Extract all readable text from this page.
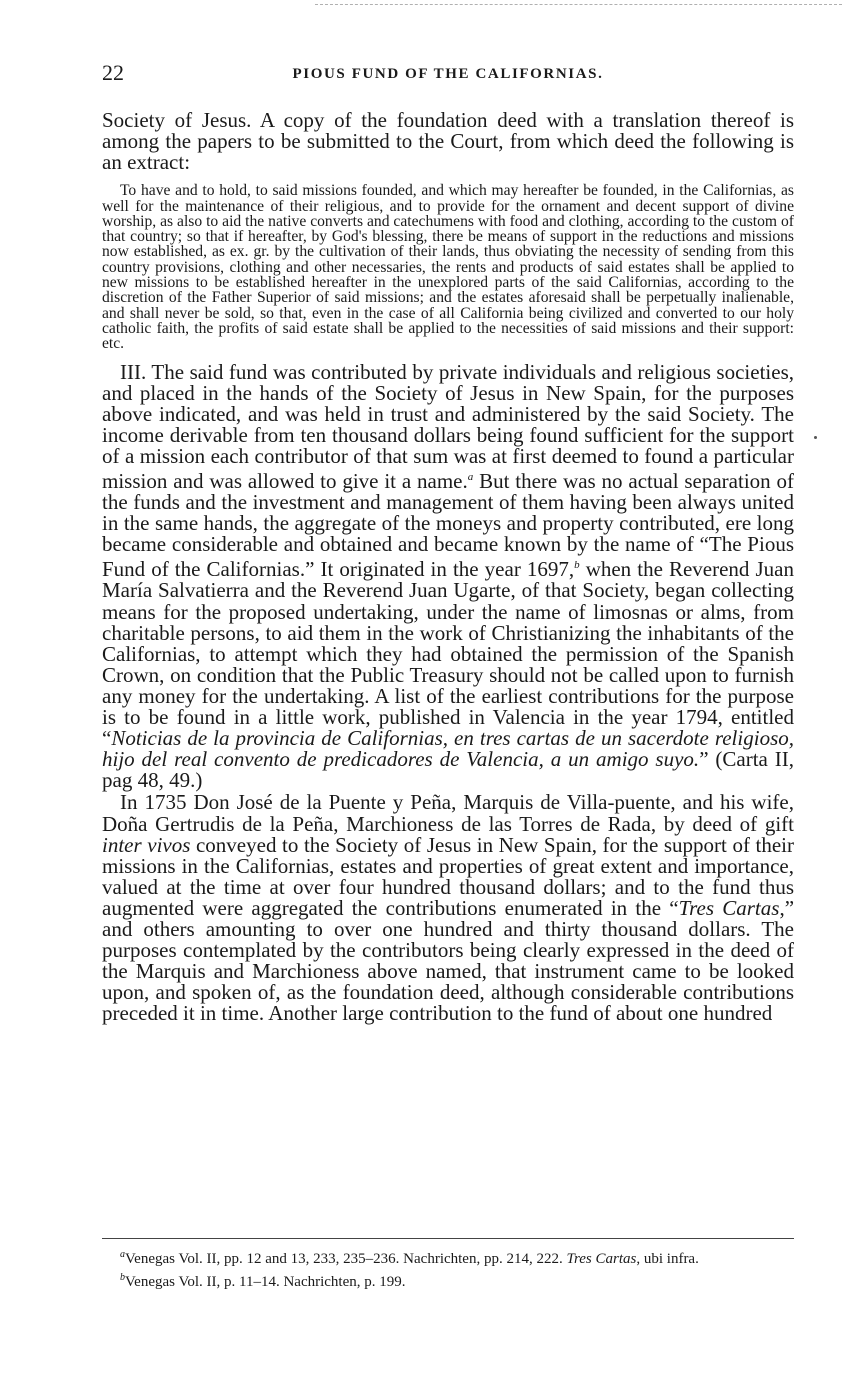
22	PIOUS FUND OF THE CALIFORNIAS.

Society of Jesus. A copy of the foundation deed with a translation thereof is among the papers to be submitted to the Court, from which deed the following is an extract:

To have and to hold, to said missions founded, and which may hereafter be founded, in the Californias, as well for the maintenance of their religious, and to provide for the ornament and decent support of divine worship, as also to aid the native converts and catechumens with food and clothing, according to the custom of that country; so that if hereafter, by God's blessing, there be means of support in the reductions and missions now established, as ex. gr. by the cultivation of their lands, thus obviating the necessity of sending from this country provisions, clothing and other necessaries, the rents and products of said estates shall be applied to new missions to be established hereafter in the unexplored parts of the said Californias, according to the discretion of the Father Superior of said missions; and the estates aforesaid shall be perpetually inalienable, and shall never be sold, so that, even in the case of all California being civilized and converted to our holy catholic faith, the profits of said estate shall be applied to the necessities of said missions and their support: etc.

III. The said fund was contributed by private individuals and religious societies, and placed in the hands of the Society of Jesus in New Spain, for the purposes above indicated, and was held in trust and administered by the said Society. The income derivable from ten thousand dollars being found sufficient for the support of a mission each contributor of that sum was at first deemed to found a particular mission and was allowed to give it a name.$^a$ But there was no actual separation of the funds and the investment and management of them having been always united in the same hands, the aggregate of the moneys and property contributed, ere long became considerable and obtained and became known by the name of “The Pious Fund of the Californias.” It originated in the year 1697,$^b$ when the Reverend Juan María Salvatierra and the Reverend Juan Ugarte, of that Society, began collecting means for the proposed undertaking, under the name of limosnas or alms, from charitable persons, to aid them in the work of Christianizing the inhabitants of the Californias, to attempt which they had obtained the permission of the Spanish Crown, on condition that the Public Treasury should not be called upon to furnish any money for the undertaking. A list of the earliest contributions for the purpose is to be found in a little work, published in Valencia in the year 1794, entitled “Noticias de la provincia de Californias, en tres cartas de un sacerdote religioso, hijo del real convento de predicadores de Valencia, a un amigo suyo.” (Carta II, pag 48, 49.)

In 1735 Don José de la Puente y Peña, Marquis de Villa-puente, and his wife, Doña Gertrudis de la Peña, Marchioness de las Torres de Rada, by deed of gift inter vivos conveyed to the Society of Jesus in New Spain, for the support of their missions in the Californias, estates and properties of great extent and importance, valued at the time at over four hundred thousand dollars; and to the fund thus augmented were aggregated the contributions enumerated in the “Tres Cartas,” and others amounting to over one hundred and thirty thousand dollars. The purposes contemplated by the contributors being clearly expressed in the deed of the Marquis and Marchioness above named, that instrument came to be looked upon, and spoken of, as the foundation deed, although considerable contributions preceded it in time. Another large contribution to the fund of about one hundred

$^a$Venegas Vol. II, pp. 12 and 13, 233, 235–236. Nachrichten, pp. 214, 222. Tres Cartas, ubi infra.

$^b$Venegas Vol. II, p. 11–14. Nachrichten, p. 199.
